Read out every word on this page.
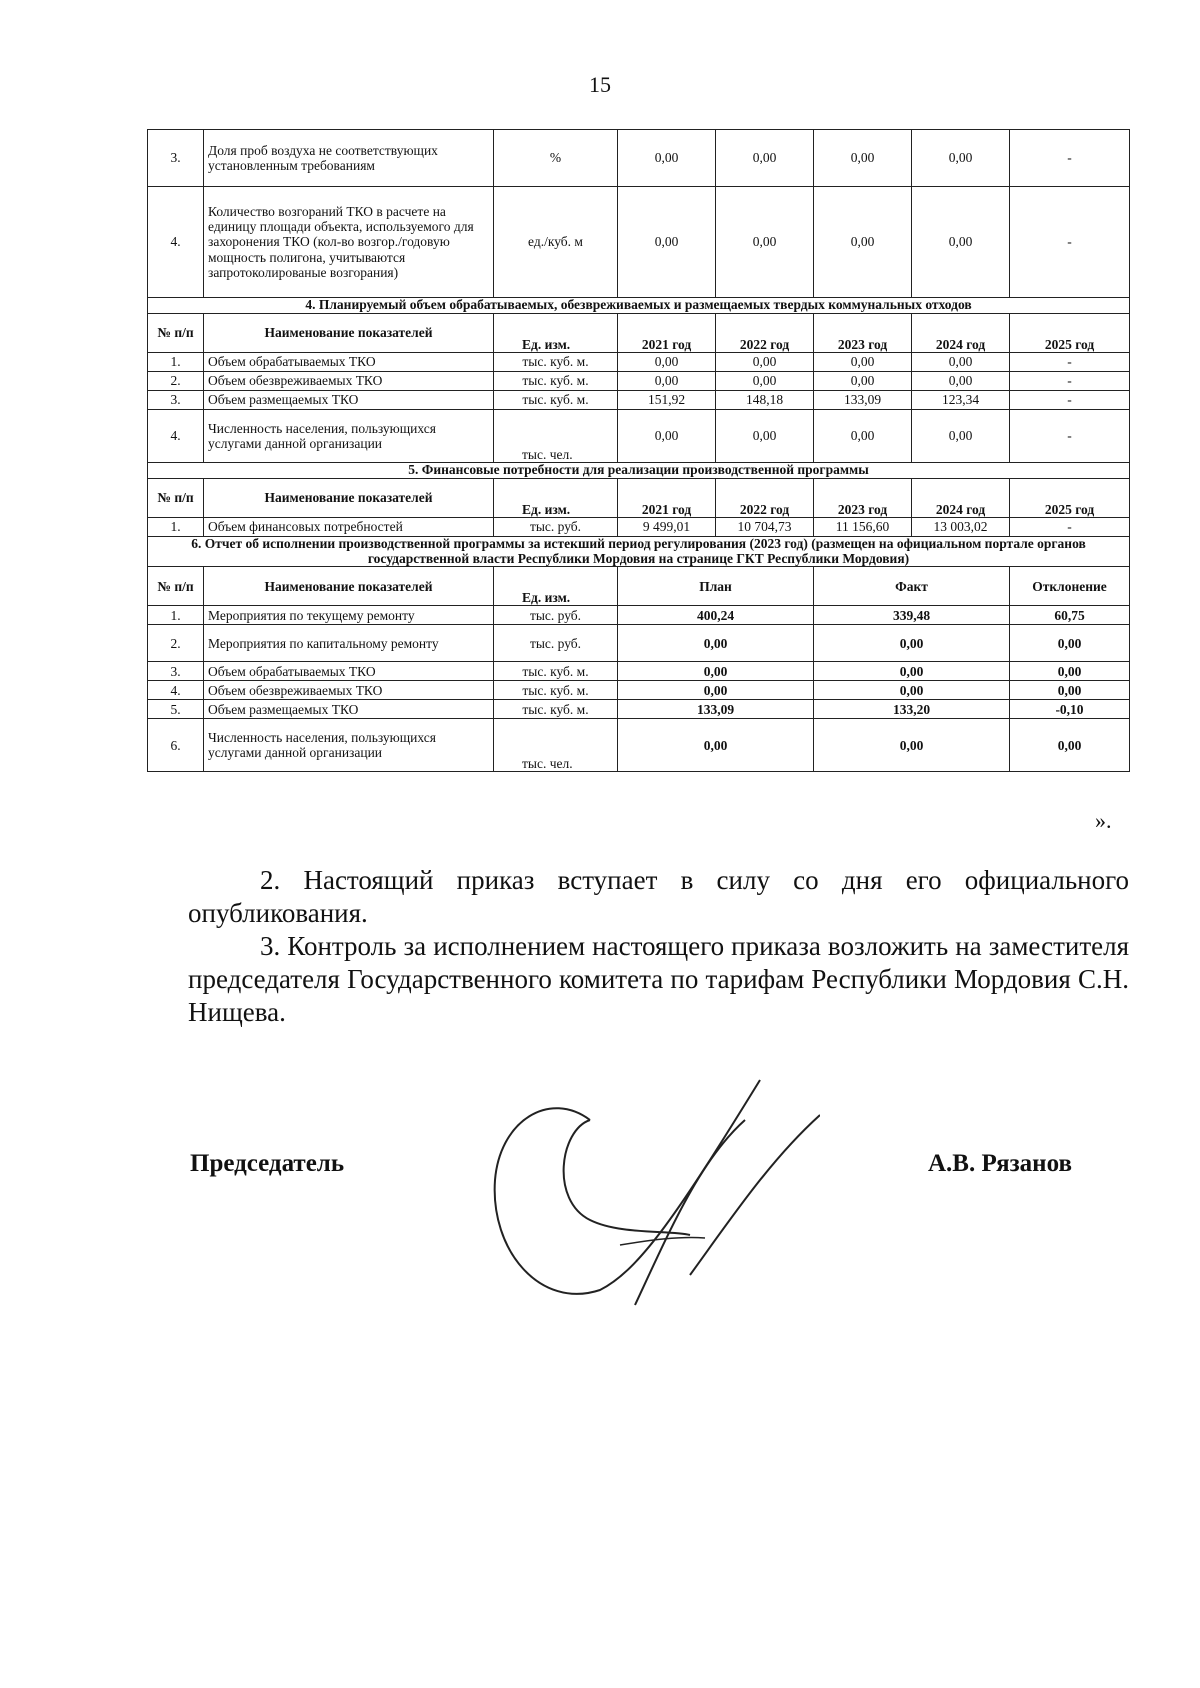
15
3.	Доля проб воздуха не соответствующих установленным требованиям	%	0,00	0,00	0,00	0,00	-
4.	Количество возгораний ТКО в расчете на единицу площади объекта, используемого для захоронения ТКО (кол-во возгор./годовую мощность полигона, учитываются запротоколированые возгорания)	ед./куб. м	0,00	0,00	0,00	0,00	-
4. Планируемый объем обрабатываемых, обезвреживаемых и размещаемых твердых коммунальных отходов							
№ п/п	Наименование показателей	Ед. изм.	2021 год	2022 год	2023 год	2024 год	2025 год
1.	Объем обрабатываемых ТКО	тыс. куб. м.	0,00	0,00	0,00	0,00	-
2.	Объем обезвреживаемых ТКО	тыс. куб. м.	0,00	0,00	0,00	0,00	-
3.	Объем размещаемых ТКО	тыс. куб. м.	151,92	148,18	133,09	123,34	-
4.	Численность населения, пользующихся услугами данной организации	тыс. чел.	0,00	0,00	0,00	0,00	-
5. Финансовые потребности для реализации производственной программы							
№ п/п	Наименование показателей	Ед. изм.	2021 год	2022 год	2023 год	2024 год	2025 год
1.	Объем финансовых потребностей	тыс. руб.	9 499,01	10 704,73	11 156,60	13 003,02	-
6. Отчет об исполнении производственной программы за истекший период регулирования (2023 год) (размещен на официальном портале органов государственной власти Республики Мордовия на странице ГКТ Республики Мордовия)							
№ п/п	Наименование показателей	Ед. изм.	План		Факт		Отклонение
1.	Мероприятия по текущему ремонту	тыс. руб.	400,24		339,48		60,75
2.	Мероприятия по капитальному ремонту	тыс. руб.	0,00		0,00		0,00
3.	Объем обрабатываемых ТКО	тыс. куб. м.	0,00		0,00		0,00
4.	Объем обезвреживаемых ТКО	тыс. куб. м.	0,00		0,00		0,00
5.	Объем размещаемых ТКО	тыс. куб. м.	133,09		133,20		-0,10
6.	Численность населения, пользующихся услугами данной организации	тыс. чел.	0,00		0,00		0,00
».
2. Настоящий приказ вступает в силу со дня его официального опубликования.
3. Контроль за исполнением настоящего приказа возложить на заместителя председателя Государственного комитета по тарифам Республики Мордовия С.Н. Нищева.
Председатель	А.В. Рязанов
